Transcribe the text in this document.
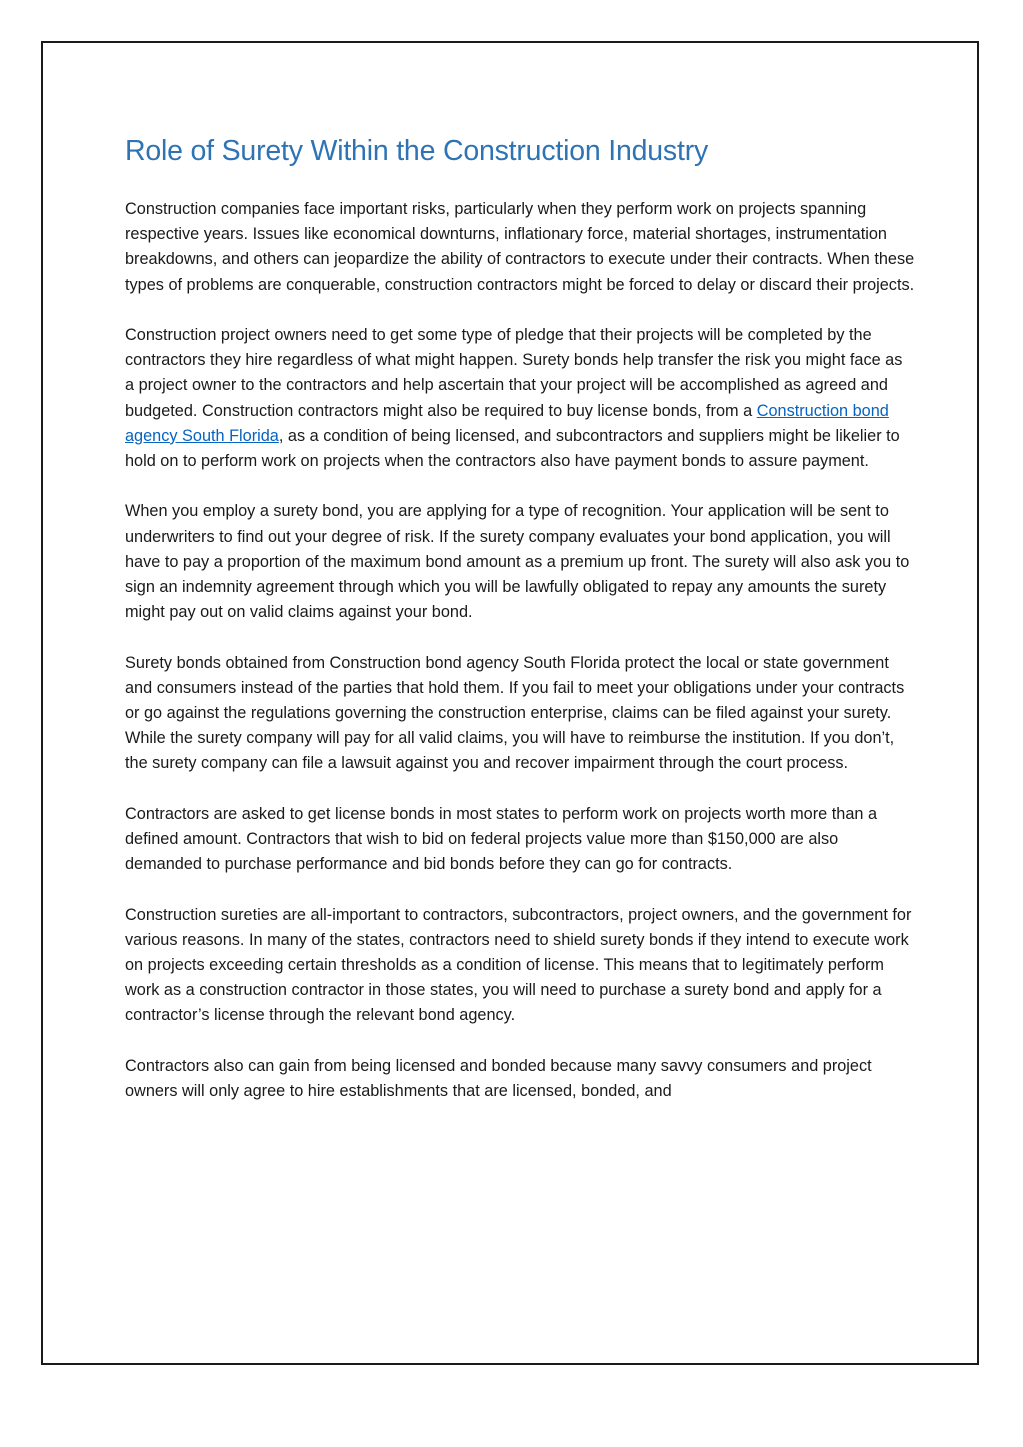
Role of Surety Within the Construction Industry

Construction companies face important risks, particularly when they perform work on projects spanning respective years. Issues like economical downturns, inflationary force, material shortages, instrumentation breakdowns, and others can jeopardize the ability of contractors to execute under their contracts. When these types of problems are conquerable, construction contractors might be forced to delay or discard their projects.

Construction project owners need to get some type of pledge that their projects will be completed by the contractors they hire regardless of what might happen. Surety bonds help transfer the risk you might face as a project owner to the contractors and help ascertain that your project will be accomplished as agreed and budgeted. Construction contractors might also be required to buy license bonds, from a Construction bond agency South Florida, as a condition of being licensed, and subcontractors and suppliers might be likelier to hold on to perform work on projects when the contractors also have payment bonds to assure payment.

When you employ a surety bond, you are applying for a type of recognition. Your application will be sent to underwriters to find out your degree of risk. If the surety company evaluates your bond application, you will have to pay a proportion of the maximum bond amount as a premium up front. The surety will also ask you to sign an indemnity agreement through which you will be lawfully obligated to repay any amounts the surety might pay out on valid claims against your bond.

Surety bonds obtained from Construction bond agency South Florida protect the local or state government and consumers instead of the parties that hold them. If you fail to meet your obligations under your contracts or go against the regulations governing the construction enterprise, claims can be filed against your surety. While the surety company will pay for all valid claims, you will have to reimburse the institution. If you don’t, the surety company can file a lawsuit against you and recover impairment through the court process.

Contractors are asked to get license bonds in most states to perform work on projects worth more than a defined amount. Contractors that wish to bid on federal projects value more than $150,000 are also demanded to purchase performance and bid bonds before they can go for contracts.

Construction sureties are all-important to contractors, subcontractors, project owners, and the government for various reasons. In many of the states, contractors need to shield surety bonds if they intend to execute work on projects exceeding certain thresholds as a condition of license. This means that to legitimately perform work as a construction contractor in those states, you will need to purchase a surety bond and apply for a contractor’s license through the relevant bond agency.

Contractors also can gain from being licensed and bonded because many savvy consumers and project owners will only agree to hire establishments that are licensed, bonded, and
